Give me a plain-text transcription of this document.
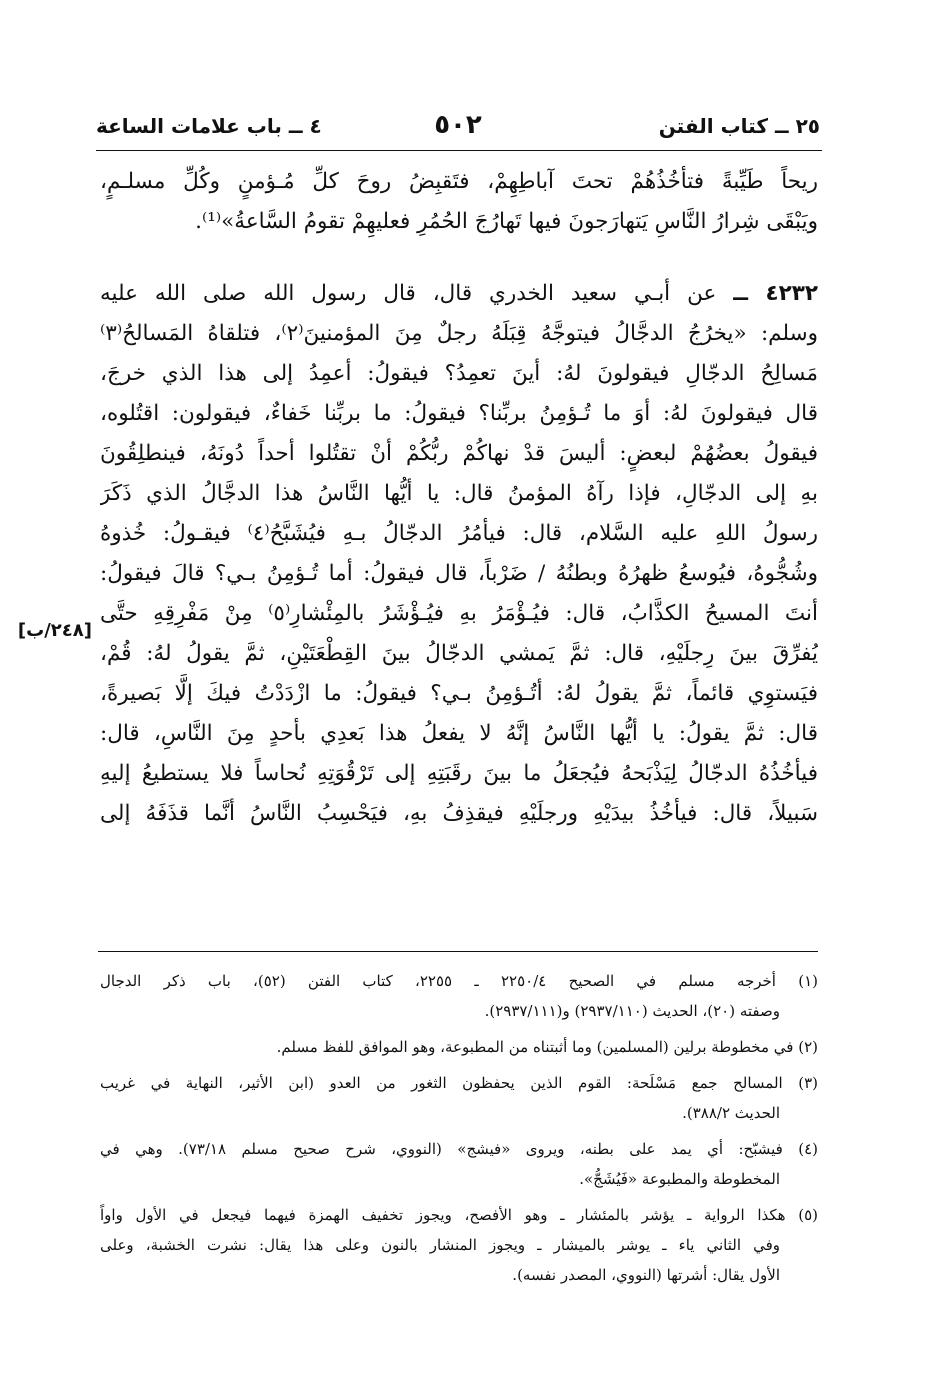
٢٥ ــ كتاب الفتن
٥٠٢
٤ ــ باب علامات الساعة
ريحاً طَيِّبةً فتأخُذُهُمْ تحتَ آباطِهِمْ، فتَقبِضُ روحَ كلِّ مُـؤمنٍ وكُلِّ مسلـمٍ،
ويَبْقَى شِرارُ النَّاسِ يَتهارَجونَ فيها تَهارُجَ الحُمُرِ فعليهِمْ تقومُ السَّاعةُ»⁽¹⁾.
٤٢٣٢ ــ عن أبـي سعيد الخدري قال، قال رسول الله صلى الله عليه
وسلم: «يخرُجُ الدجَّالُ فيتوجَّهُ قِبَلَهُ رجلٌ مِنَ المؤمنينَ⁽٢⁾، فتلقاهُ المَسالحُ⁽٣⁾
مَسالِحُ الدجّالِ فيقولونَ لهُ: أينَ تعمِدُ؟ فيقولُ: أعمِدُ إلى هذا الذي خرجَ،
قال فيقولونَ لهُ: أوَ ما تُـؤمِنُ بربِّنا؟ فيقولُ: ما بربِّنا خَفاءٌ، فيقولون: اقتُلوه،
فيقولُ بعضُهُمْ لبعضٍ: أليسَ قدْ نهاكُمْ ربُّكُمْ أنْ تقتُلوا أحداً دُونَهُ، فينطلِقُونَ
بهِ إلى الدجّالِ، فإذا رآهُ المؤمنُ قال: يا أيُّها النَّاسُ هذا الدجَّالُ الذي ذَكَرَ
رسولُ اللهِ عليه السَّلام، قال: فيأمُرُ الدجّالُ بـهِ فيُشَبَّحُ⁽٤⁾ فيقـولُ: خُذوهُ
وشُجُّوهُ، فيُوسعُ ظهرُهُ وبطنُهُ / ضَرْباً، قال فيقولُ: أما تُـؤمِنُ بـي؟ قالَ فيقولُ:
أنتَ المسيحُ الكذَّابُ، قال: فيُـؤْمَرُ بهِ فيُـؤْشَرُ بالمِئْشارِ⁽٥⁾ مِنْ مَفْرِقِهِ حتَّى
يُفرِّقَ بينَ رِجلَيْهِ، قال: ثمَّ يَمشي الدجّالُ بينَ القِطْعَتَيْنِ، ثمَّ يقولُ لهُ: قُمْ،
فيَستوِي قائماً، ثمَّ يقولُ لهُ: أتُـؤمِنُ بـي؟ فيقولُ: ما ازْدَدْتُ فيكَ إلَّا بَصيرةً،
قال: ثمَّ يقولُ: يا أيُّها النَّاسُ إنَّهُ لا يفعلُ هذا بَعدِي بأحدٍ مِنَ النَّاسِ، قال:
فيأخُذُهُ الدجّالُ لِيَذْبَحهُ فيُجعَلُ ما بينَ رقَبَتِهِ إلى تَرْقُوَتِهِ نُحاساً فلا يستطيعُ إليهِ
سَبيلاً، قال: فيأخُذُ بيدَيْهِ ورجلَيْهِ فيقذِفُ بهِ، فيَحْسِبُ النَّاسُ أنَّما قذَفَهُ إلى
[٢٤٨/ب]
(١) أخرجه مسلم في الصحيح ٢٢٥٠/٤ ـ ٢٢٥٥، كتاب الفتن (٥٢)، باب ذكر الدجال
وصفته (٢٠)، الحديث (٢٩٣٧/١١٠) و(٢٩٣٧/١١١).
(٢) في مخطوطة برلين (المسلمين) وما أثبتناه من المطبوعة، وهو الموافق للفظ مسلم.
(٣) المسالح جمع مَسْلَحة: القوم الذين يحفظون الثغور من العدو (ابن الأثير، النهاية في غريب
الحديث ٣٨٨/٢).
(٤) فيشبّح: أي يمد على بطنه، ويروى «فيشج» (النووي، شرح صحيح مسلم ٧٣/١٨). وهي في
المخطوطة والمطبوعة «فَيُشَجُّ».
(٥) هكذا الرواية ـ يؤشر بالمئشار ـ وهو الأفصح، ويجوز تخفيف الهمزة فيهما فيجعل في الأول واواً
وفي الثاني ياء ـ يوشر بالميشار ـ ويجوز المنشار بالنون وعلى هذا يقال: نشرت الخشبة، وعلى
الأول يقال: أشرتها (النووي، المصدر نفسه).
